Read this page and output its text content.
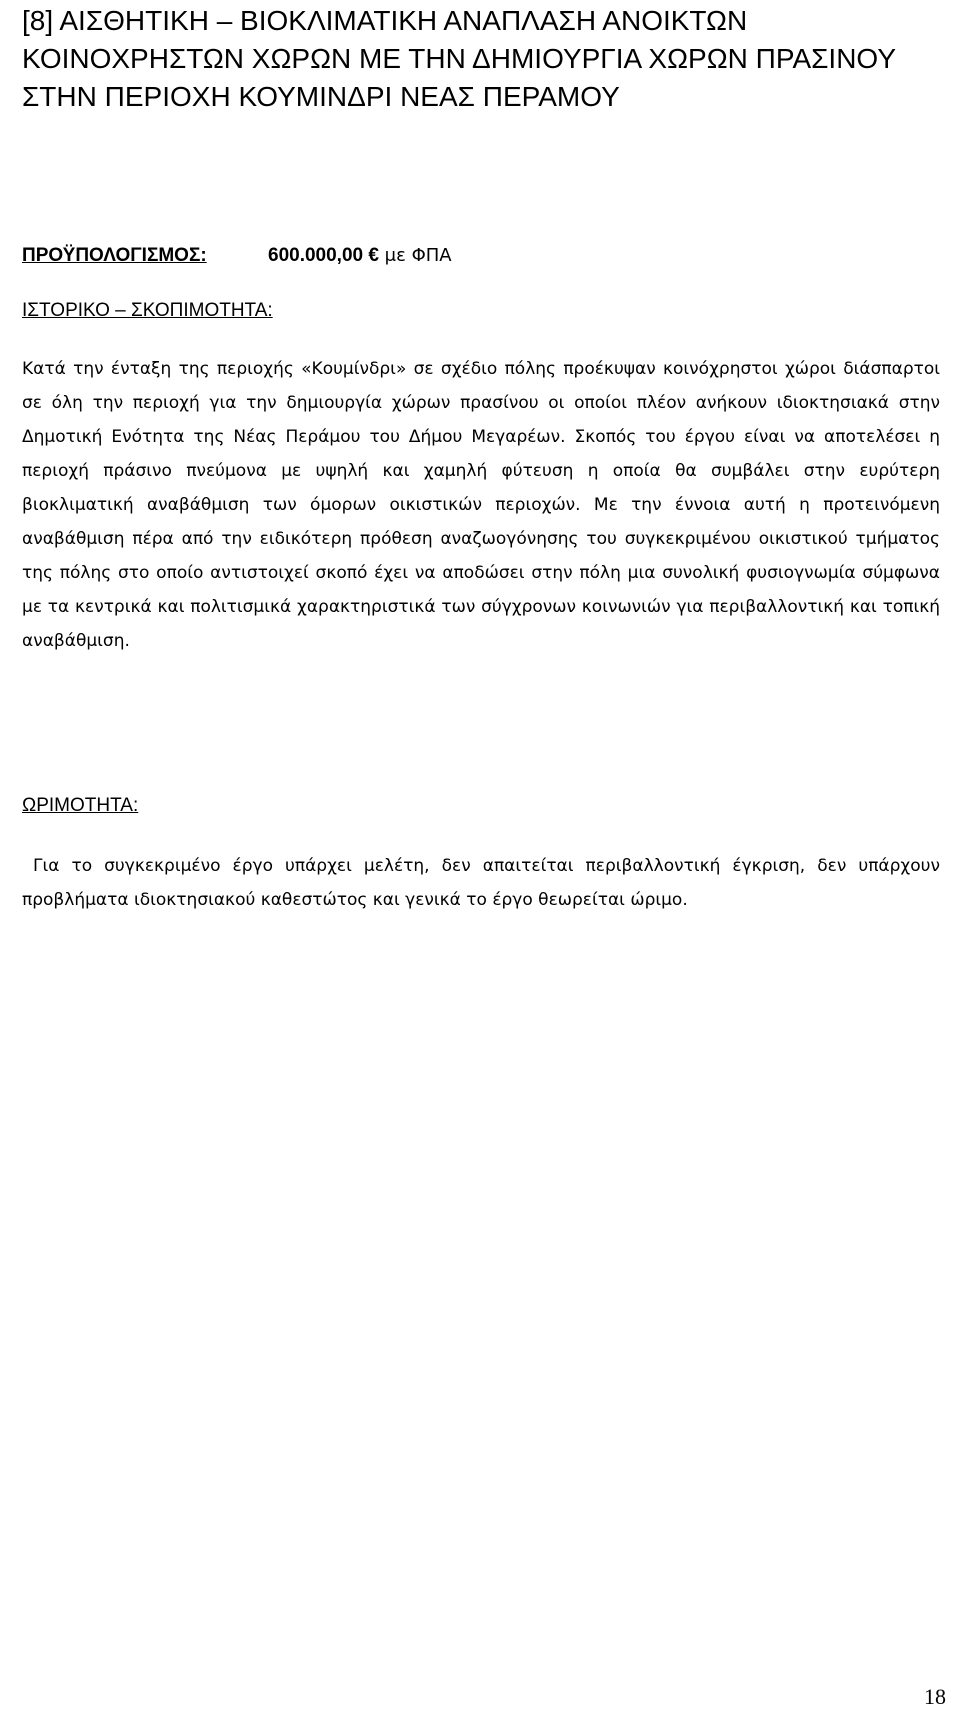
[8] ΑΙΣΘΗΤΙΚΗ – ΒΙΟΚΛΙΜΑΤΙΚΗ ΑΝΑΠΛΑΣΗ ΑΝΟΙΚΤΩΝ ΚΟΙΝΟΧΡΗΣΤΩΝ ΧΩΡΩΝ ΜΕ ΤΗΝ ΔΗΜΙΟΥΡΓΙΑ ΧΩΡΩΝ ΠΡΑΣΙΝΟΥ ΣΤΗΝ ΠΕΡΙΟΧΗ ΚΟΥΜΙΝΔΡΙ ΝΕΑΣ ΠΕΡΑΜΟΥ
ΠΡΟΫΠΟΛΟΓΙΣΜΟΣ:	600.000,00 € με ΦΠΑ
ΙΣΤΟΡΙΚΟ – ΣΚΟΠΙΜΟΤΗΤΑ:

Κατά την ένταξη της περιοχής «Κουμίνδρι» σε σχέδιο πόλης προέκυψαν κοινόχρηστοι χώροι διάσπαρτοι σε όλη την περιοχή για την δημιουργία χώρων πρασίνου οι οποίοι πλέον ανήκουν ιδιοκτησιακά στην Δημοτική Ενότητα της Νέας Περάμου του Δήμου Μεγαρέων. Σκοπός του έργου είναι να αποτελέσει η περιοχή πράσινο πνεύμονα με υψηλή και χαμηλή φύτευση η οποία θα συμβάλει στην ευρύτερη βιοκλιματική αναβάθμιση των όμορων οικιστικών περιοχών. Με την έννοια αυτή η προτεινόμενη αναβάθμιση πέρα από την ειδικότερη πρόθεση αναζωογόνησης του συγκεκριμένου οικιστικού τμήματος της πόλης στο οποίο αντιστοιχεί σκοπό έχει να αποδώσει στην πόλη μια συνολική φυσιογνωμία σύμφωνα με τα κεντρικά και πολιτισμικά χαρακτηριστικά των σύγχρονων κοινωνιών για περιβαλλοντική και τοπική αναβάθμιση.

ΩΡΙΜΟΤΗΤΑ:

Για το συγκεκριμένο έργο υπάρχει μελέτη, δεν απαιτείται περιβαλλοντική έγκριση, δεν υπάρχουν προβλήματα ιδιοκτησιακού καθεστώτος και γενικά το έργο θεωρείται ώριμο.

18
